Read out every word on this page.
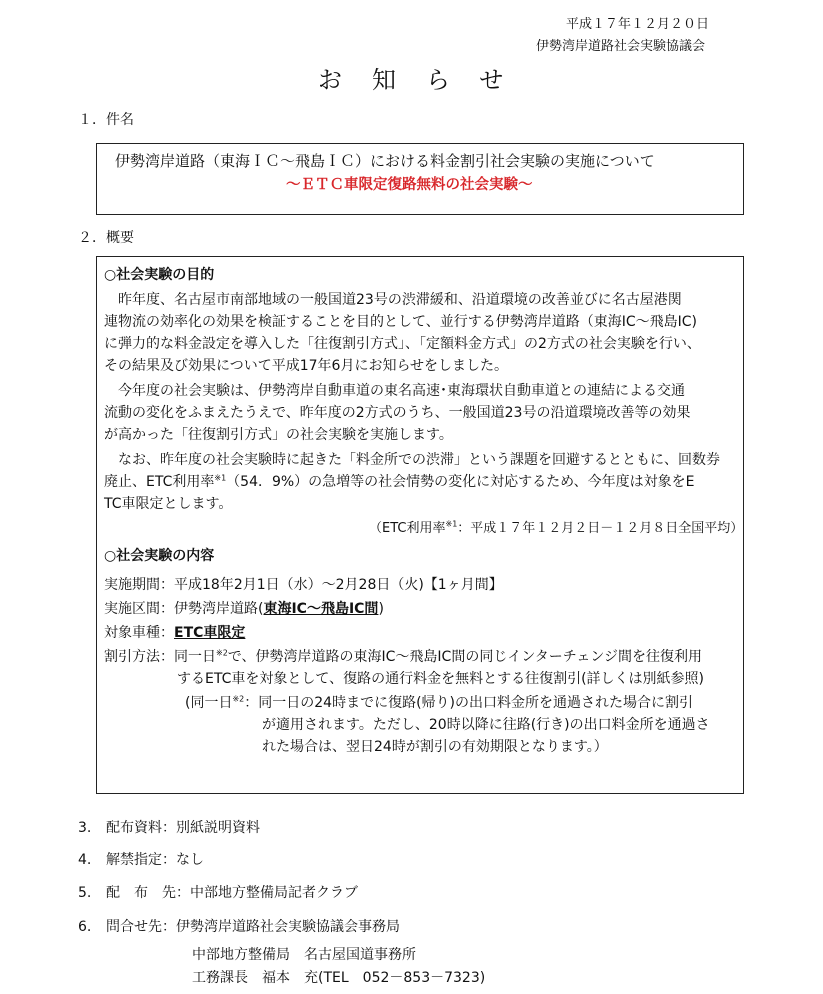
平成１７年１２月２０日
伊勢湾岸道路社会実験協議会
お知らせ
１．件名
伊勢湾岸道路（東海ＩＣ～飛島ＩＣ）における料金割引社会実験の実施について
～ＥＴＣ車限定復路無料の社会実験～
２．概要
○社会実験の目的
　昨年度、名古屋市南部地域の一般国道23号の渋滞緩和、沿道環境の改善並びに名古屋港関
連物流の効率化の効果を検証することを目的として、並行する伊勢湾岸道路（東海IC～飛島IC)
に弾力的な料金設定を導入した「往復割引方式」、「定額料金方式」の2方式の社会実験を行い、
その結果及び効果について平成17年6月にお知らせをしました。
　今年度の社会実験は、伊勢湾岸自動車道の東名高速･東海環状自動車道との連結による交通
流動の変化をふまえたうえで、昨年度の2方式のうち、一般国道23号の沿道環境改善等の効果
が高かった「往復割引方式」の社会実験を実施します。
　なお、昨年度の社会実験時に起きた「料金所での渋滞」という課題を回避するとともに、回数券
廃止、ETC利用率$^{※1}$（54．9%）の急増等の社会情勢の変化に対応するため、今年度は対象をE
TC車限定とします。
（ETC利用率$^{※1}$：平成１７年１２月２日－１２月８日全国平均）
○社会実験の内容
実施期間：平成18年2月1日（水）～2月28日（火)【1ヶ月間】
実施区間：伊勢湾岸道路(東海IC～飛島IC間)
対象車種：ETC車限定
割引方法：同一日$^{※2}$で、伊勢湾岸道路の東海IC～飛島IC間の同じインターチェンジ間を往復利用
するETC車を対象として、復路の通行料金を無料とする往復割引(詳しくは別紙参照)
(同一日$^{※2}$：同一日の24時までに復路(帰り)の出口料金所を通過された場合に割引
が適用されます。ただし、20時以降に往路(行き)の出口料金所を通過さ
れた場合は、翌日24時が割引の有効期限となります。）
3. 配布資料：別紙説明資料
4. 解禁指定：なし
5. 配　布　先：中部地方整備局記者クラブ
6. 問合せ先：伊勢湾岸道路社会実験協議会事務局
中部地方整備局　名古屋国道事務所
工務課長　福本　充(TEL　052－853－7323)
